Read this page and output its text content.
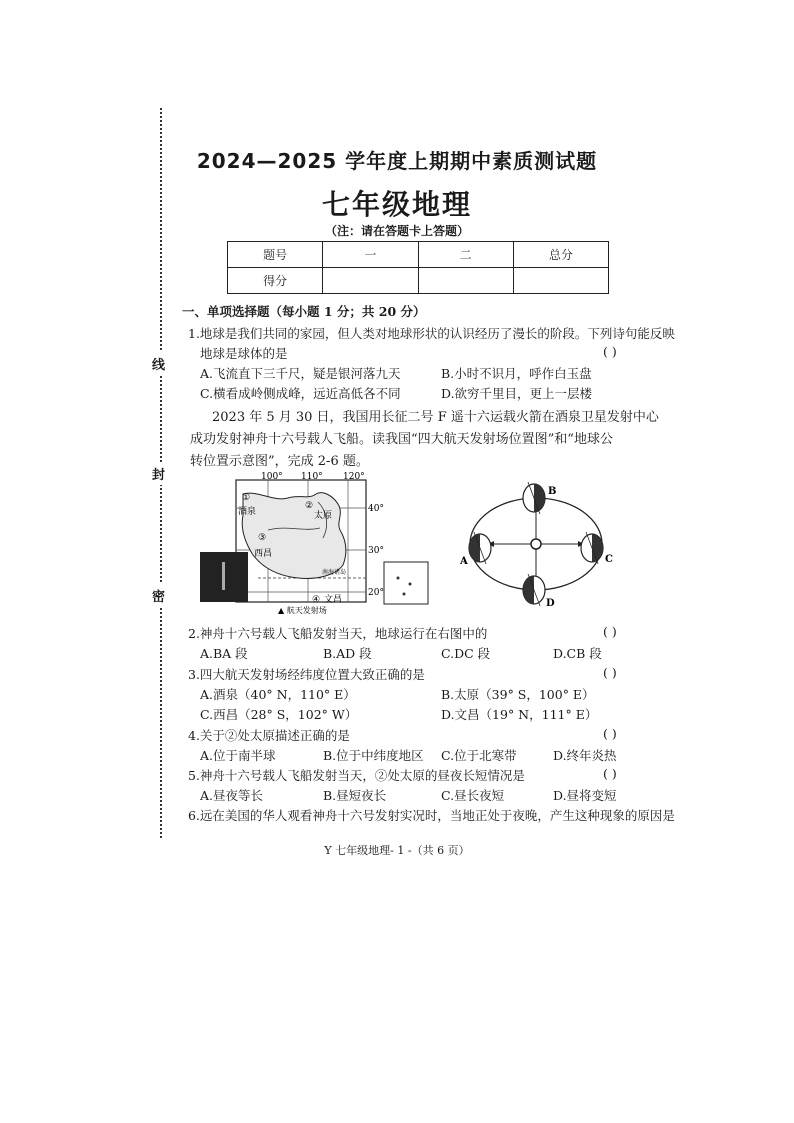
线
封
密
2024—2025 学年度上期期中素质测试题
七年级地理
（注：请在答题卡上答题）
题号	一	二	总分
得分			
一、单项选择题（每小题 1 分；共 20 分）
1.地球是我们共同的家园，但人类对地球形状的认识经历了漫长的阶段。下列诗句能反映
地球是球体的是	( )
A.飞流直下三千尺，疑是银河落九天	B.小时不识月，呼作白玉盘
C.横看成岭侧成峰，远近高低各不同	D.欲穷千里目，更上一层楼
2023 年 5 月 30 日，我国用长征二号 F 遥十六运载火箭在酒泉卫星发射中心
成功发射神舟十六号载人飞船。读我国“四大航天发射场位置图”和“地球公
转位置示意图”，完成 2-6 题。
100° 110° 120°
40°
30°
20°
①
酒泉
②
太原
③
西昌
南海诸岛
④ 文昌
▲ 航天发射场
B
A	C
D
2.神舟十六号载人飞船发射当天，地球运行在右图中的	( )
A.BA 段	B.AD 段	C.DC 段	D.CB 段
3.四大航天发射场经纬度位置大致正确的是	( )
A.酒泉（40° N，110° E）	B.太原（39° S，100° E）
C.西昌（28° S，102° W）	D.文昌（19° N，111° E）
4.关于②处太原描述正确的是	( )
A.位于南半球	B.位于中纬度地区 C.位于北寒带	D.终年炎热
5.神舟十六号载人飞船发射当天，②处太原的昼夜长短情况是	( )
A.昼夜等长	B.昼短夜长	C.昼长夜短	D.昼将变短
6.远在美国的华人观看神舟十六号发射实况时，当地正处于夜晚，产生这种现象的原因是
Y 七年级地理- 1 -（共 6 页）
